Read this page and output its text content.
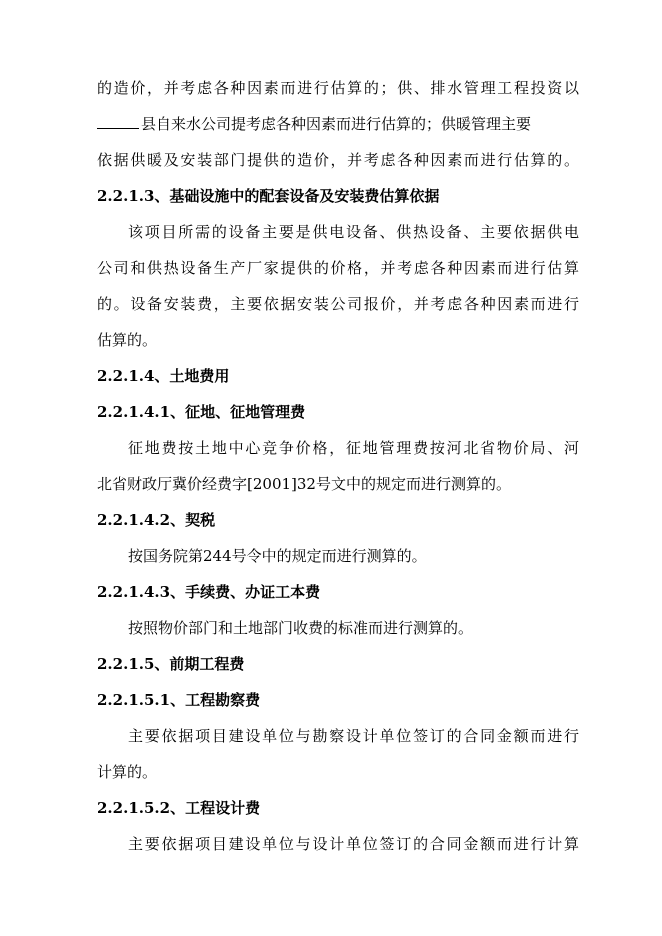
的造价，并考虑各种因素而进行估算的；供、排水管理工程投资以
县自来水公司提考虑各种因素而进行估算的；供暖管理主要
依据供暖及安装部门提供的造价，并考虑各种因素而进行估算的。
2.2.1.3、基础设施中的配套设备及安装费估算依据
该项目所需的设备主要是供电设备、供热设备、主要依据供电
公司和供热设备生产厂家提供的价格，并考虑各种因素而进行估算
的。设备安装费，主要依据安装公司报价，并考虑各种因素而进行
估算的。
2.2.1.4、土地费用
2.2.1.4.1、征地、征地管理费
征地费按土地中心竞争价格，征地管理费按河北省物价局、河
北省财政厅冀价经费字[2001]32号文中的规定而进行测算的。
2.2.1.4.2、契税
按国务院第244号令中的规定而进行测算的。
2.2.1.4.3、手续费、办证工本费
按照物价部门和土地部门收费的标准而进行测算的。
2.2.1.5、前期工程费
2.2.1.5.1、工程勘察费
主要依据项目建设单位与勘察设计单位签订的合同金额而进行
计算的。
2.2.1.5.2、工程设计费
主要依据项目建设单位与设计单位签订的合同金额而进行计算
